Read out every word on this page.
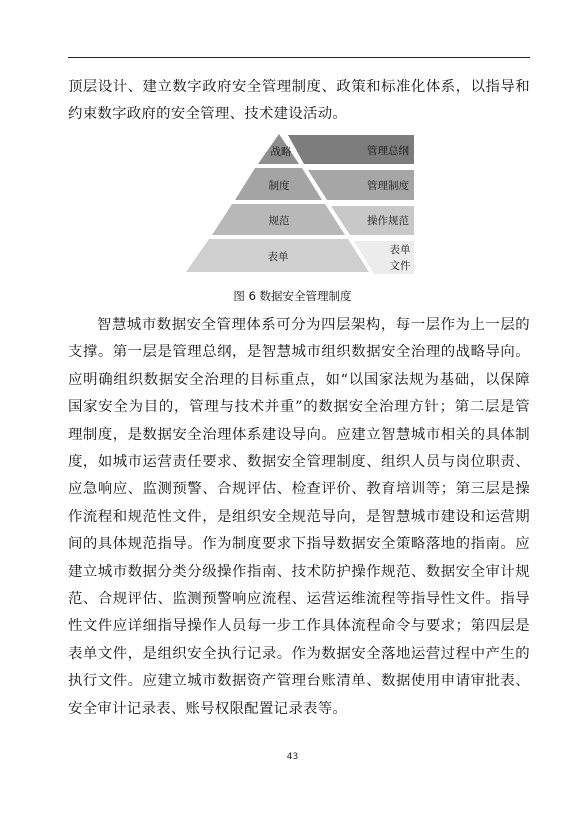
顶层设计、建立数字政府安全管理制度、政策和标准化体系，以指导和约束数字政府的安全管理、技术建设活动。

战略
制度
规范
表单
管理总纲
管理制度
操作规范
表单
文件
图 6 数据安全管理制度

智慧城市数据安全管理体系可分为四层架构，每一层作为上一层的支撑。第一层是管理总纲，是智慧城市组织数据安全治理的战略导向。应明确组织数据安全治理的目标重点，如“以国家法规为基础，以保障国家安全为目的，管理与技术并重”的数据安全治理方针；第二层是管理制度，是数据安全治理体系建设导向。应建立智慧城市相关的具体制度，如城市运营责任要求、数据安全管理制度、组织人员与岗位职责、应急响应、监测预警、合规评估、检查评价、教育培训等；第三层是操作流程和规范性文件，是组织安全规范导向，是智慧城市建设和运营期间的具体规范指导。作为制度要求下指导数据安全策略落地的指南。应建立城市数据分类分级操作指南、技术防护操作规范、数据安全审计规范、合规评估、监测预警响应流程、运营运维流程等指导性文件。指导性文件应详细指导操作人员每一步工作具体流程命令与要求；第四层是表单文件，是组织安全执行记录。作为数据安全落地运营过程中产生的执行文件。应建立城市数据资产管理台账清单、数据使用申请审批表、安全审计记录表、账号权限配置记录表等。

43
